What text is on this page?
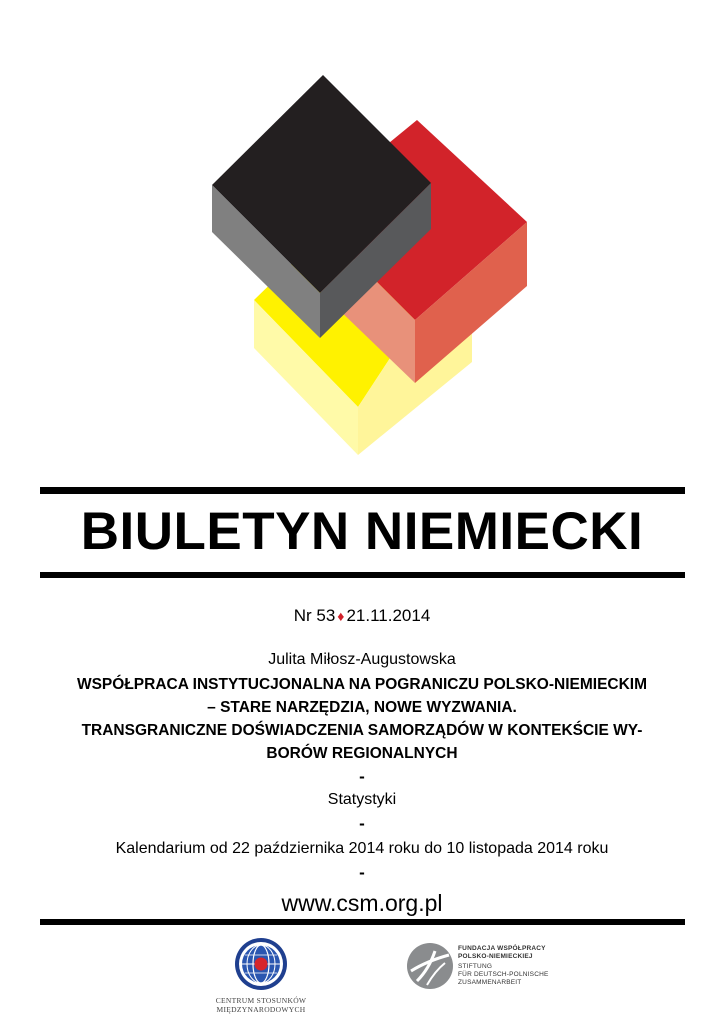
BIULETYN NIEMIECKI
Nr 53 ♦ 21.11.2014
Julita Miłosz-Augustowska
WSPÓŁPRACA INSTYTUCJONALNA NA POGRANICZU POLSKO-NIEMIECKIM
– STARE NARZĘDZIA, NOWE WYZWANIA.
TRANSGRANICZNE DOŚWIADCZENIA SAMORZĄDÓW W KONTEKŚCIE WY-
BORÓW REGIONALNYCH
-
Statystyki
-
Kalendarium od 22 października 2014 roku do 10 listopada 2014 roku
-
www.csm.org.pl
CENTRUM STOSUNKÓW
MIĘDZYNARODOWYCH
FUNDACJA WSPÓŁPRACY
POLSKO-NIEMIECKIEJ
STIFTUNG
FÜR DEUTSCH-POLNISCHE
ZUSAMMENARBEIT
